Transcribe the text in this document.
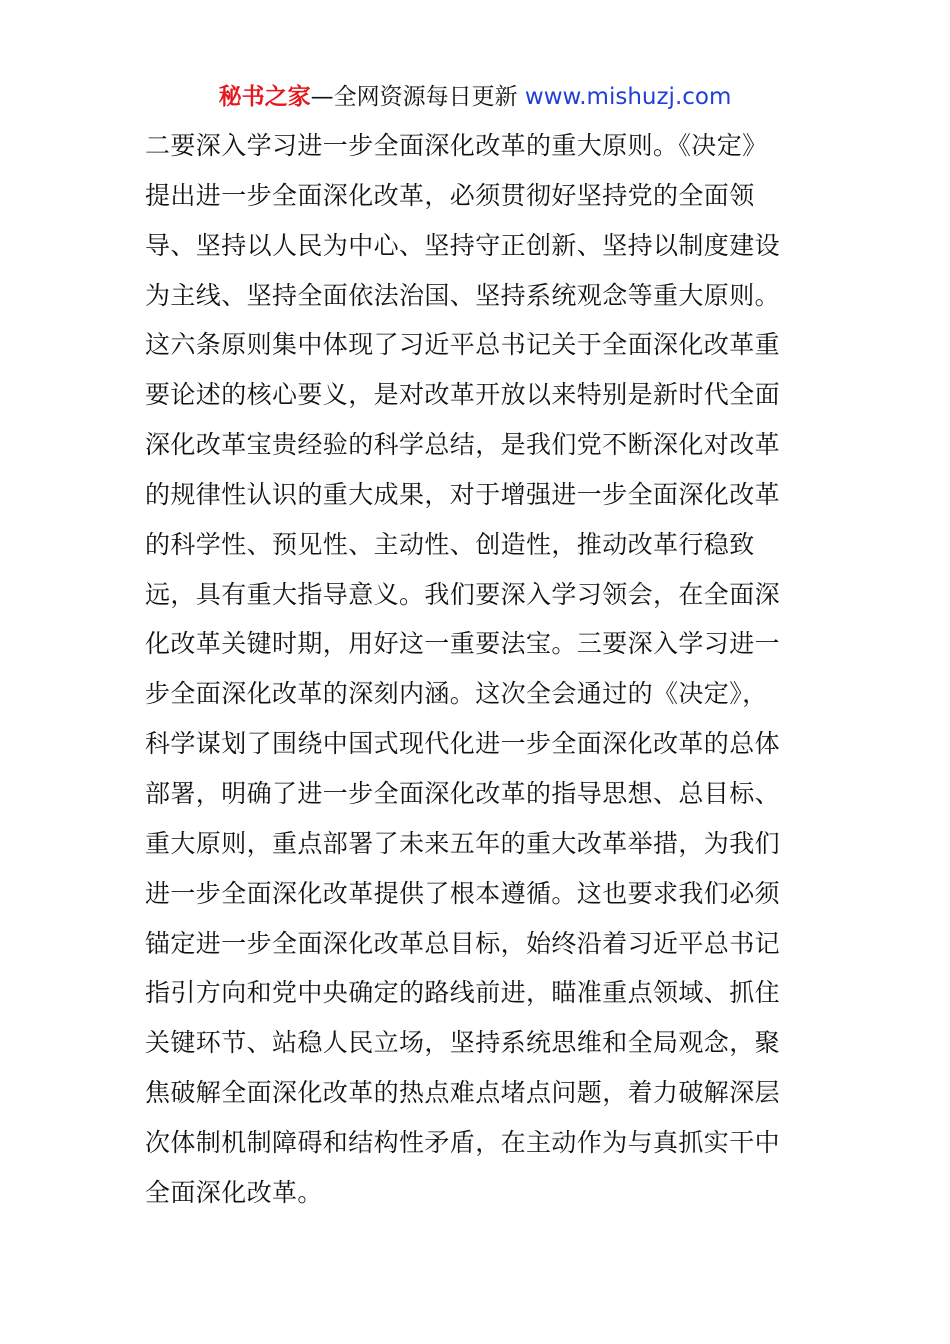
秘书之家—全网资源每日更新 www.mishuzj.com
二要深入学习进一步全面深化改革的重大原则。《决定》
提出进一步全面深化改革，必须贯彻好坚持党的全面领
导、坚持以人民为中心、坚持守正创新、坚持以制度建设
为主线、坚持全面依法治国、坚持系统观念等重大原则。
这六条原则集中体现了习近平总书记关于全面深化改革重
要论述的核心要义，是对改革开放以来特别是新时代全面
深化改革宝贵经验的科学总结，是我们党不断深化对改革
的规律性认识的重大成果，对于增强进一步全面深化改革
的科学性、预见性、主动性、创造性，推动改革行稳致
远，具有重大指导意义。我们要深入学习领会，在全面深
化改革关键时期，用好这一重要法宝。三要深入学习进一
步全面深化改革的深刻内涵。这次全会通过的《决定》，
科学谋划了围绕中国式现代化进一步全面深化改革的总体
部署，明确了进一步全面深化改革的指导思想、总目标、
重大原则，重点部署了未来五年的重大改革举措，为我们
进一步全面深化改革提供了根本遵循。这也要求我们必须
锚定进一步全面深化改革总目标，始终沿着习近平总书记
指引方向和党中央确定的路线前进，瞄准重点领域、抓住
关键环节、站稳人民立场，坚持系统思维和全局观念，聚
焦破解全面深化改革的热点难点堵点问题，着力破解深层
次体制机制障碍和结构性矛盾，在主动作为与真抓实干中
全面深化改革。
